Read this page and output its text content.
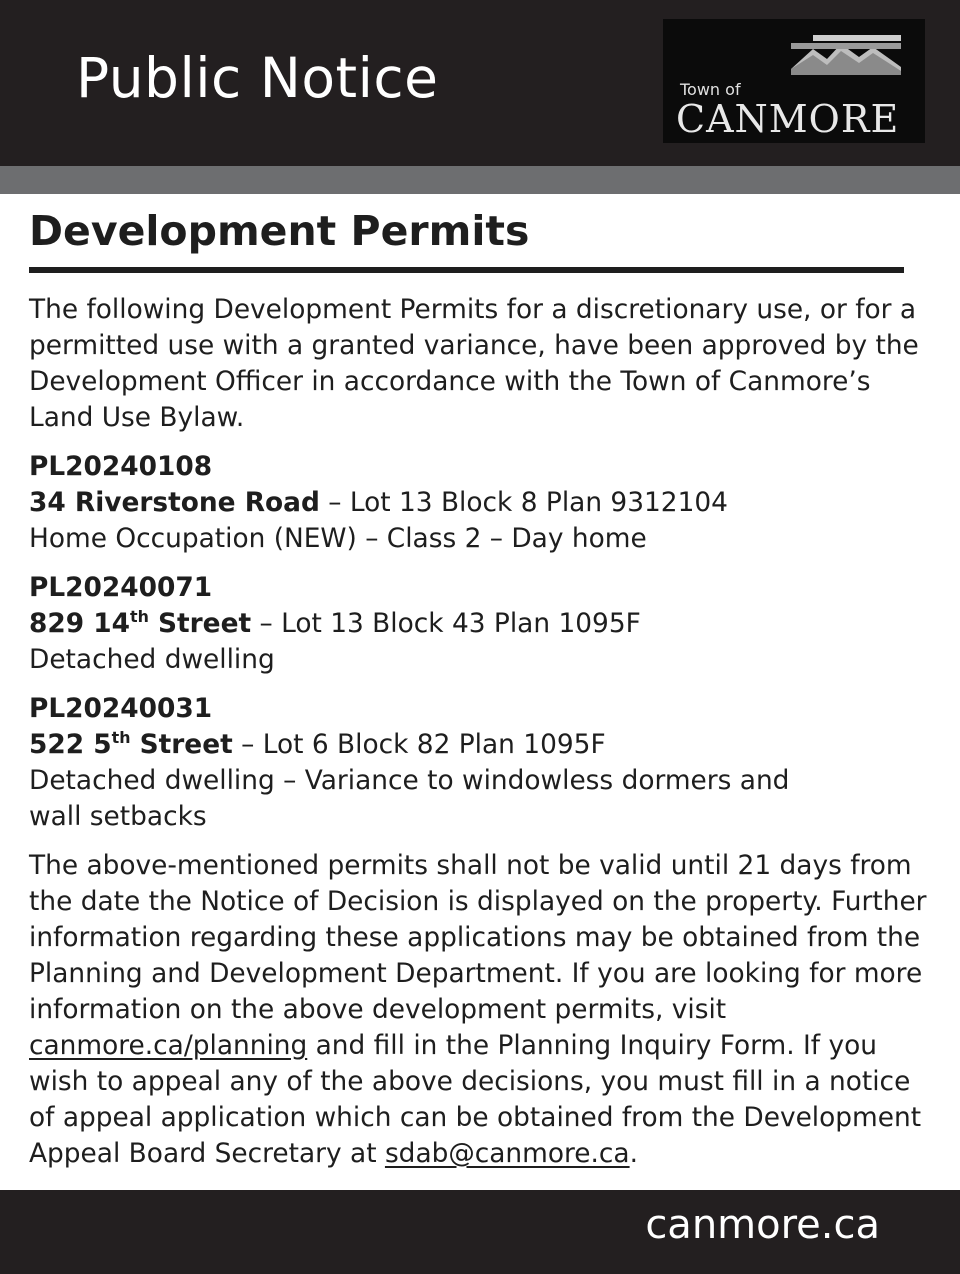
Public Notice	Town of
CANMORE
Development Permits

The following Development Permits for a discretionary use, or for a permitted use with a granted variance, have been approved by the Development Officer in accordance with the Town of Canmore’s Land Use Bylaw.

PL20240108
34 Riverstone Road – Lot 13 Block 8 Plan 9312104
Home Occupation (NEW) – Class 2 – Day home
PL20240071
829 14th Street – Lot 13 Block 43 Plan 1095F
Detached dwelling
PL20240031
522 5th Street – Lot 6 Block 82 Plan 1095F
Detached dwelling – Variance to windowless dormers and wall setbacks

The above-mentioned permits shall not be valid until 21 days from the date the Notice of Decision is displayed on the property. Further information regarding these applications may be obtained from the Planning and Development Department. If you are looking for more information on the above development permits, visit canmore.ca/planning and fill in the Planning Inquiry Form. If you wish to appeal any of the above decisions, you must fill in a notice of appeal application which can be obtained from the Development Appeal Board Secretary at sdab@canmore.ca.

canmore.ca
